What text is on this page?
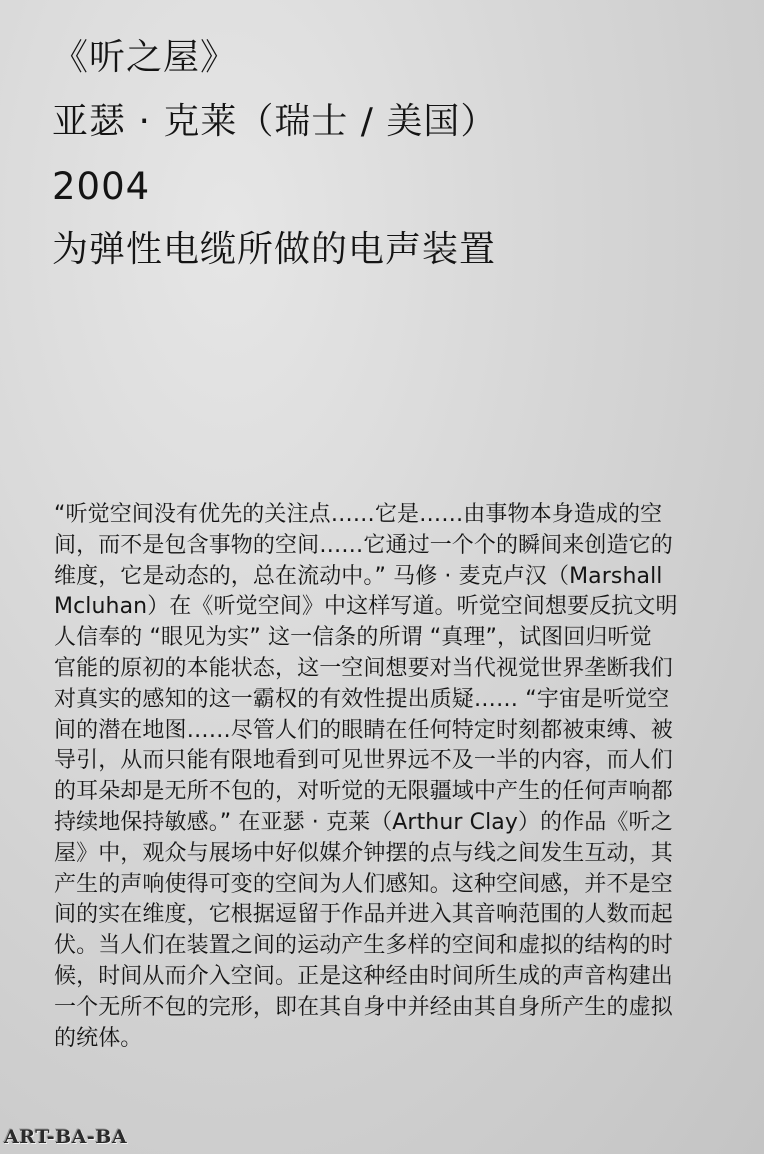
《听之屋》
亚瑟 · 克莱（瑞士 / 美国）
2004
为弹性电缆所做的电声装置
“听觉空间没有优先的关注点……它是……由事物本身造成的空
间，而不是包含事物的空间……它通过一个个的瞬间来创造它的
维度，它是动态的，总在流动中。” 马修 · 麦克卢汉（Marshall
Mcluhan）在《听觉空间》中这样写道。听觉空间想要反抗文明
人信奉的 “眼见为实” 这一信条的所谓 “真理”，试图回归听觉
官能的原初的本能状态，这一空间想要对当代视觉世界垄断我们
对真实的感知的这一霸权的有效性提出质疑…… “宇宙是听觉空
间的潜在地图……尽管人们的眼睛在任何特定时刻都被束缚、被
导引，从而只能有限地看到可见世界远不及一半的内容，而人们
的耳朵却是无所不包的，对听觉的无限疆域中产生的任何声响都
持续地保持敏感。” 在亚瑟 · 克莱（Arthur Clay）的作品《听之
屋》中，观众与展场中好似媒介钟摆的点与线之间发生互动，其
产生的声响使得可变的空间为人们感知。这种空间感，并不是空
间的实在维度，它根据逗留于作品并进入其音响范围的人数而起
伏。当人们在装置之间的运动产生多样的空间和虚拟的结构的时
候，时间从而介入空间。正是这种经由时间所生成的声音构建出
一个无所不包的完形，即在其自身中并经由其自身所产生的虚拟
的统体。
ART-BA-BA
